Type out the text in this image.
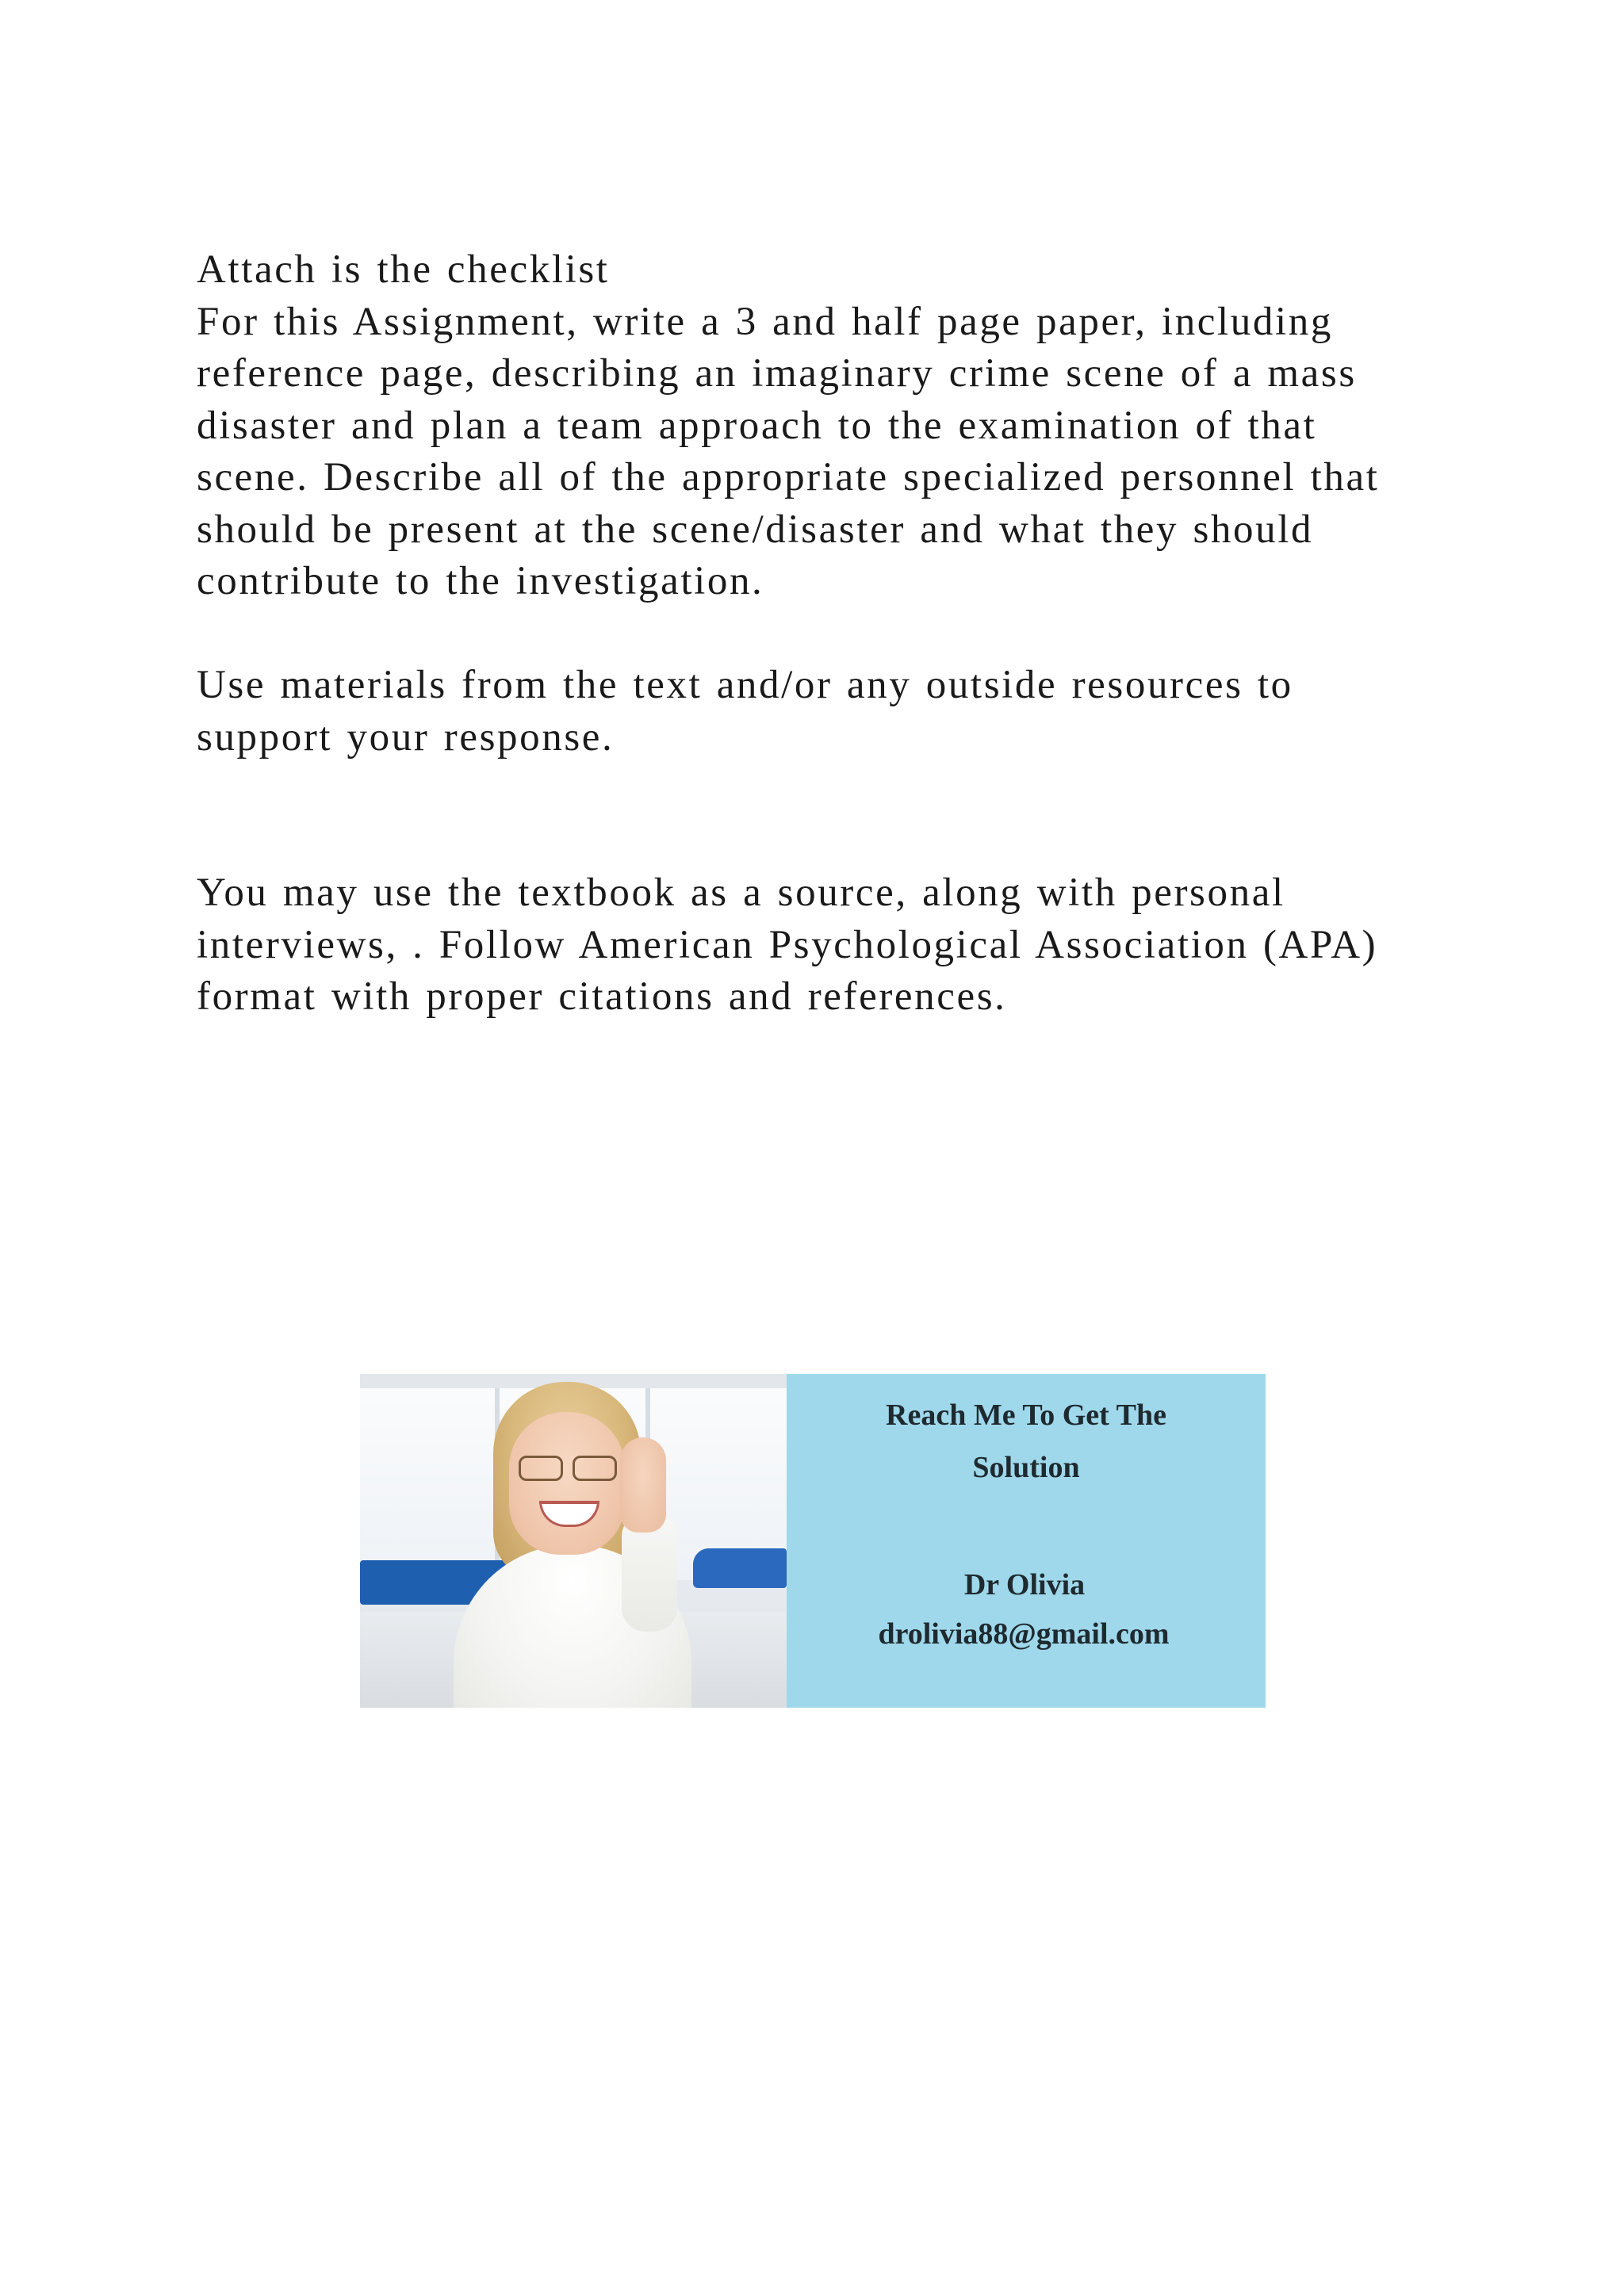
Attach is the checklist
For this Assignment, write a 3 and half page paper, including
reference page, describing an imaginary crime scene of a mass
disaster and plan a team approach to the examination of that
scene. Describe all of the appropriate specialized personnel that
should be present at the scene/disaster and what they should
contribute to the investigation.

Use materials from the text and/or any outside resources to
support your response.

You may use the textbook as a source, along with personal
interviews, . Follow American Psychological Association (APA)
format with proper citations and references.

Reach Me To Get The
Solution
Dr Olivia
drolivia88@gmail.com
